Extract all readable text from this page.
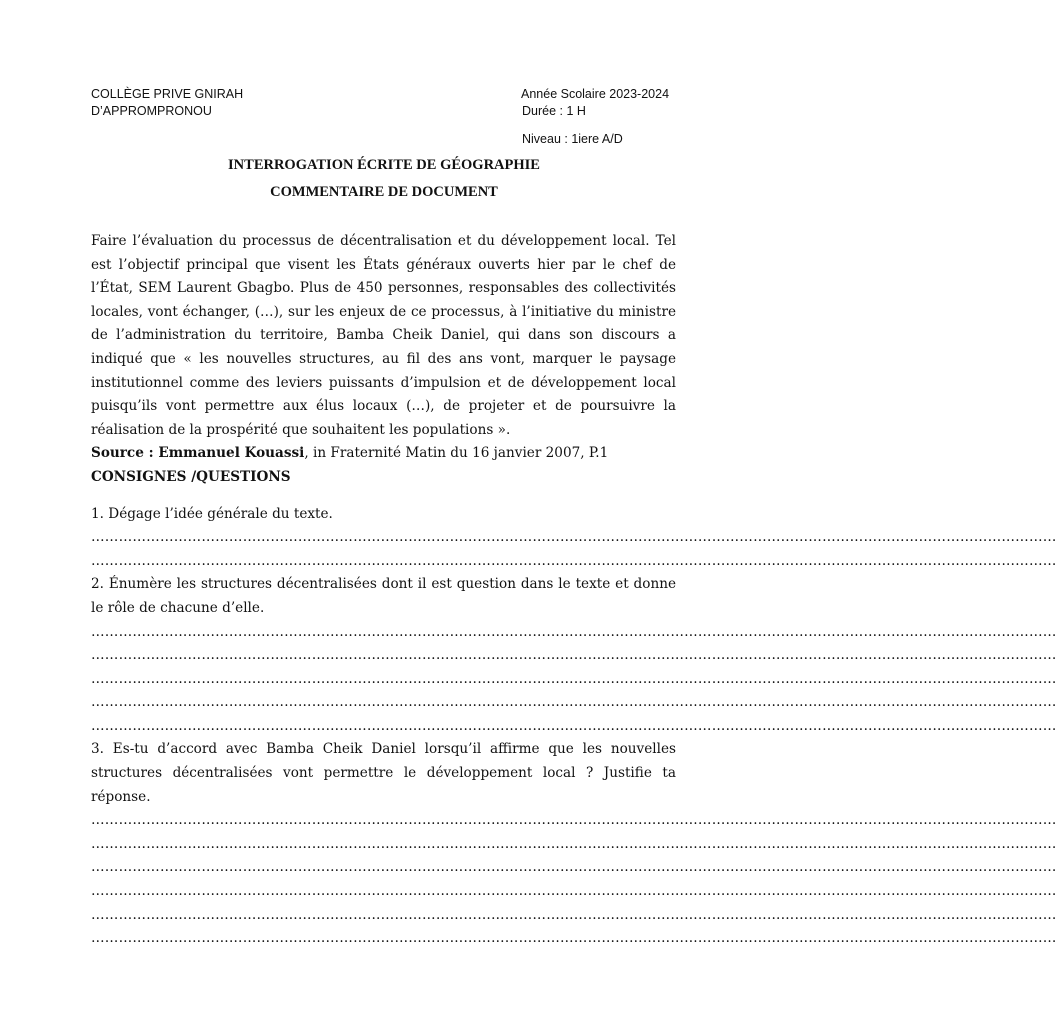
COLLÈGE PRIVE GNIRAH
D’APPROMPRONOU
Année Scolaire 2023-2024
Durée : 1 H
Niveau : 1iere A/D
INTERROGATION ÉCRITE DE GÉOGRAPHIE
COMMENTAIRE DE DOCUMENT

Faire l’évaluation du processus de décentralisation et du développement local. Tel est l’objectif principal que visent les États généraux ouverts hier par le chef de l’État, SEM Laurent Gbagbo. Plus de 450 personnes, responsables des collectivités locales, vont échanger, (…), sur les enjeux de ce processus, à l’initiative du ministre de l’administration du territoire, Bamba Cheik Daniel, qui dans son discours a indiqué que « les nouvelles structures, au fil des ans vont, marquer le paysage institutionnel comme des leviers puissants d’impulsion et de développement local puisqu’ils vont permettre aux élus locaux (…), de projeter et de poursuivre la réalisation de la prospérité que souhaitent les populations ».

Source : Emmanuel Kouassi, in Fraternité Matin du 16 janvier 2007, P.1

CONSIGNES /QUESTIONS

1. Dégage l’idée générale du texte.

…………………………………………………………………………………………………………………………………………………………………………………………
…………………………………………………………………………………………………………………………………………………………………………………………

2. Énumère les structures décentralisées dont il est question dans le texte et donne le rôle de chacune d’elle.

…………………………………………………………………………………………………………………………………………………………………………………………
…………………………………………………………………………………………………………………………………………………………………………………………
…………………………………………………………………………………………………………………………………………………………………………………………
…………………………………………………………………………………………………………………………………………………………………………………………
…………………………………………………………………………………………………………………………………………………………………………………………

3. Es-tu d’accord avec Bamba Cheik Daniel lorsqu’il affirme que les nouvelles structures décentralisées vont permettre le développement local ? Justifie ta réponse.

…………………………………………………………………………………………………………………………………………………………………………………………
…………………………………………………………………………………………………………………………………………………………………………………………
…………………………………………………………………………………………………………………………………………………………………………………………
…………………………………………………………………………………………………………………………………………………………………………………………
…………………………………………………………………………………………………………………………………………………………………………………………
…………………………………………………………………………………………………………………………………………………………………………………………
